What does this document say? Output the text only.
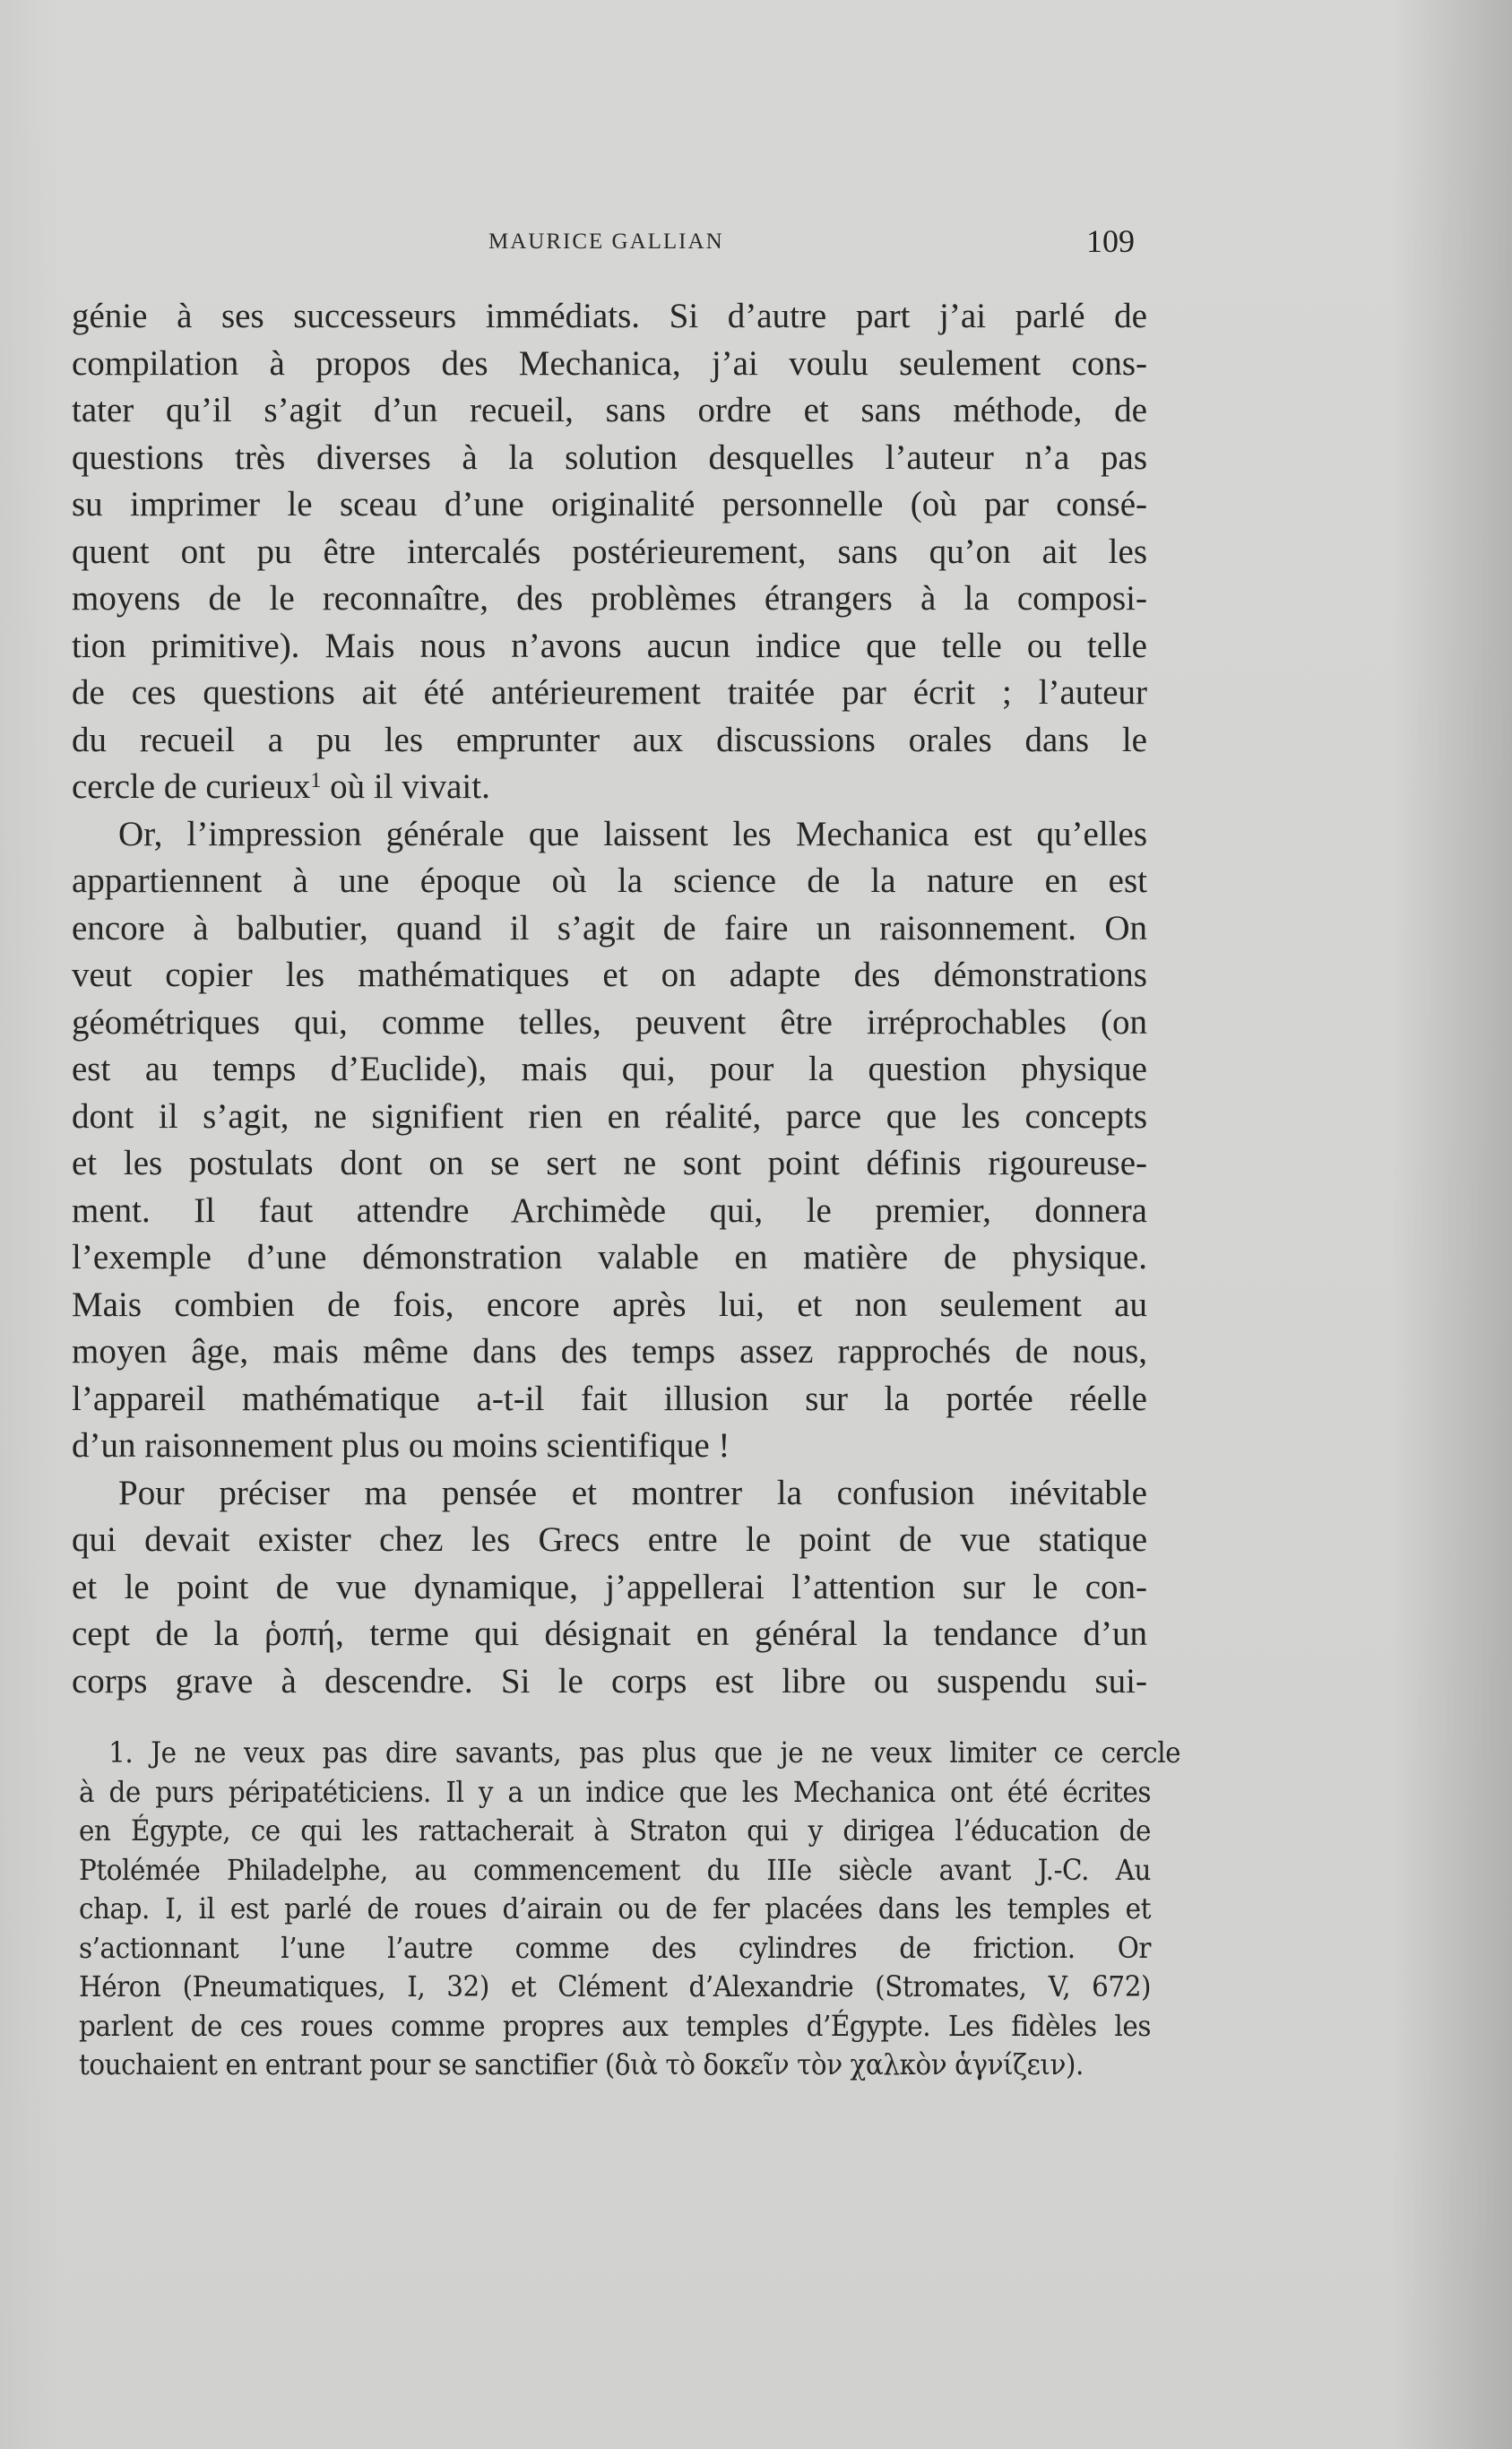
MAURICE GALLIAN	109
génie à ses successeurs immédiats. Si d’autre part j’ai parlé de
compilation à propos des Mechanica, j’ai voulu seulement cons-
tater qu’il s’agit d’un recueil, sans ordre et sans méthode, de
questions très diverses à la solution desquelles l’auteur n’a pas
su imprimer le sceau d’une originalité personnelle (où par consé-
quent ont pu être intercalés postérieurement, sans qu’on ait les
moyens de le reconnaître, des problèmes étrangers à la composi-
tion primitive). Mais nous n’avons aucun indice que telle ou telle
de ces questions ait été antérieurement traitée par écrit ; l’auteur
du recueil a pu les emprunter aux discussions orales dans le
cercle de curieux$^1$ où il vivait.
Or, l’impression générale que laissent les Mechanica est qu’elles
appartiennent à une époque où la science de la nature en est
encore à balbutier, quand il s’agit de faire un raisonnement. On
veut copier les mathématiques et on adapte des démonstrations
géométriques qui, comme telles, peuvent être irréprochables (on
est au temps d’Euclide), mais qui, pour la question physique
dont il s’agit, ne signifient rien en réalité, parce que les concepts
et les postulats dont on se sert ne sont point définis rigoureuse-
ment. Il faut attendre Archimède qui, le premier, donnera
l’exemple d’une démonstration valable en matière de physique.
Mais combien de fois, encore après lui, et non seulement au
moyen âge, mais même dans des temps assez rapprochés de nous,
l’appareil mathématique a-t-il fait illusion sur la portée réelle
d’un raisonnement plus ou moins scientifique !
Pour préciser ma pensée et montrer la confusion inévitable
qui devait exister chez les Grecs entre le point de vue statique
et le point de vue dynamique, j’appellerai l’attention sur le con-
cept de la ῥοπή, terme qui désignait en général la tendance d’un
corps grave à descendre. Si le corps est libre ou suspendu sui-
1. Je ne veux pas dire savants, pas plus que je ne veux limiter ce cercle
à de purs péripatéticiens. Il y a un indice que les Mechanica ont été écrites
en Égypte, ce qui les rattacherait à Straton qui y dirigea l’éducation de
Ptolémée Philadelphe, au commencement du IIIe siècle avant J.-C. Au
chap. I, il est parlé de roues d’airain ou de fer placées dans les temples et
s’actionnant l’une l’autre comme des cylindres de friction. Or
Héron (Pneumatiques, I, 32) et Clément d’Alexandrie (Stromates, V, 672)
parlent de ces roues comme propres aux temples d’Égypte. Les fidèles les
touchaient en entrant pour se sanctifier (διὰ τὸ δοκεῖν τὸν χαλκὸν ἁγνίζειν).
